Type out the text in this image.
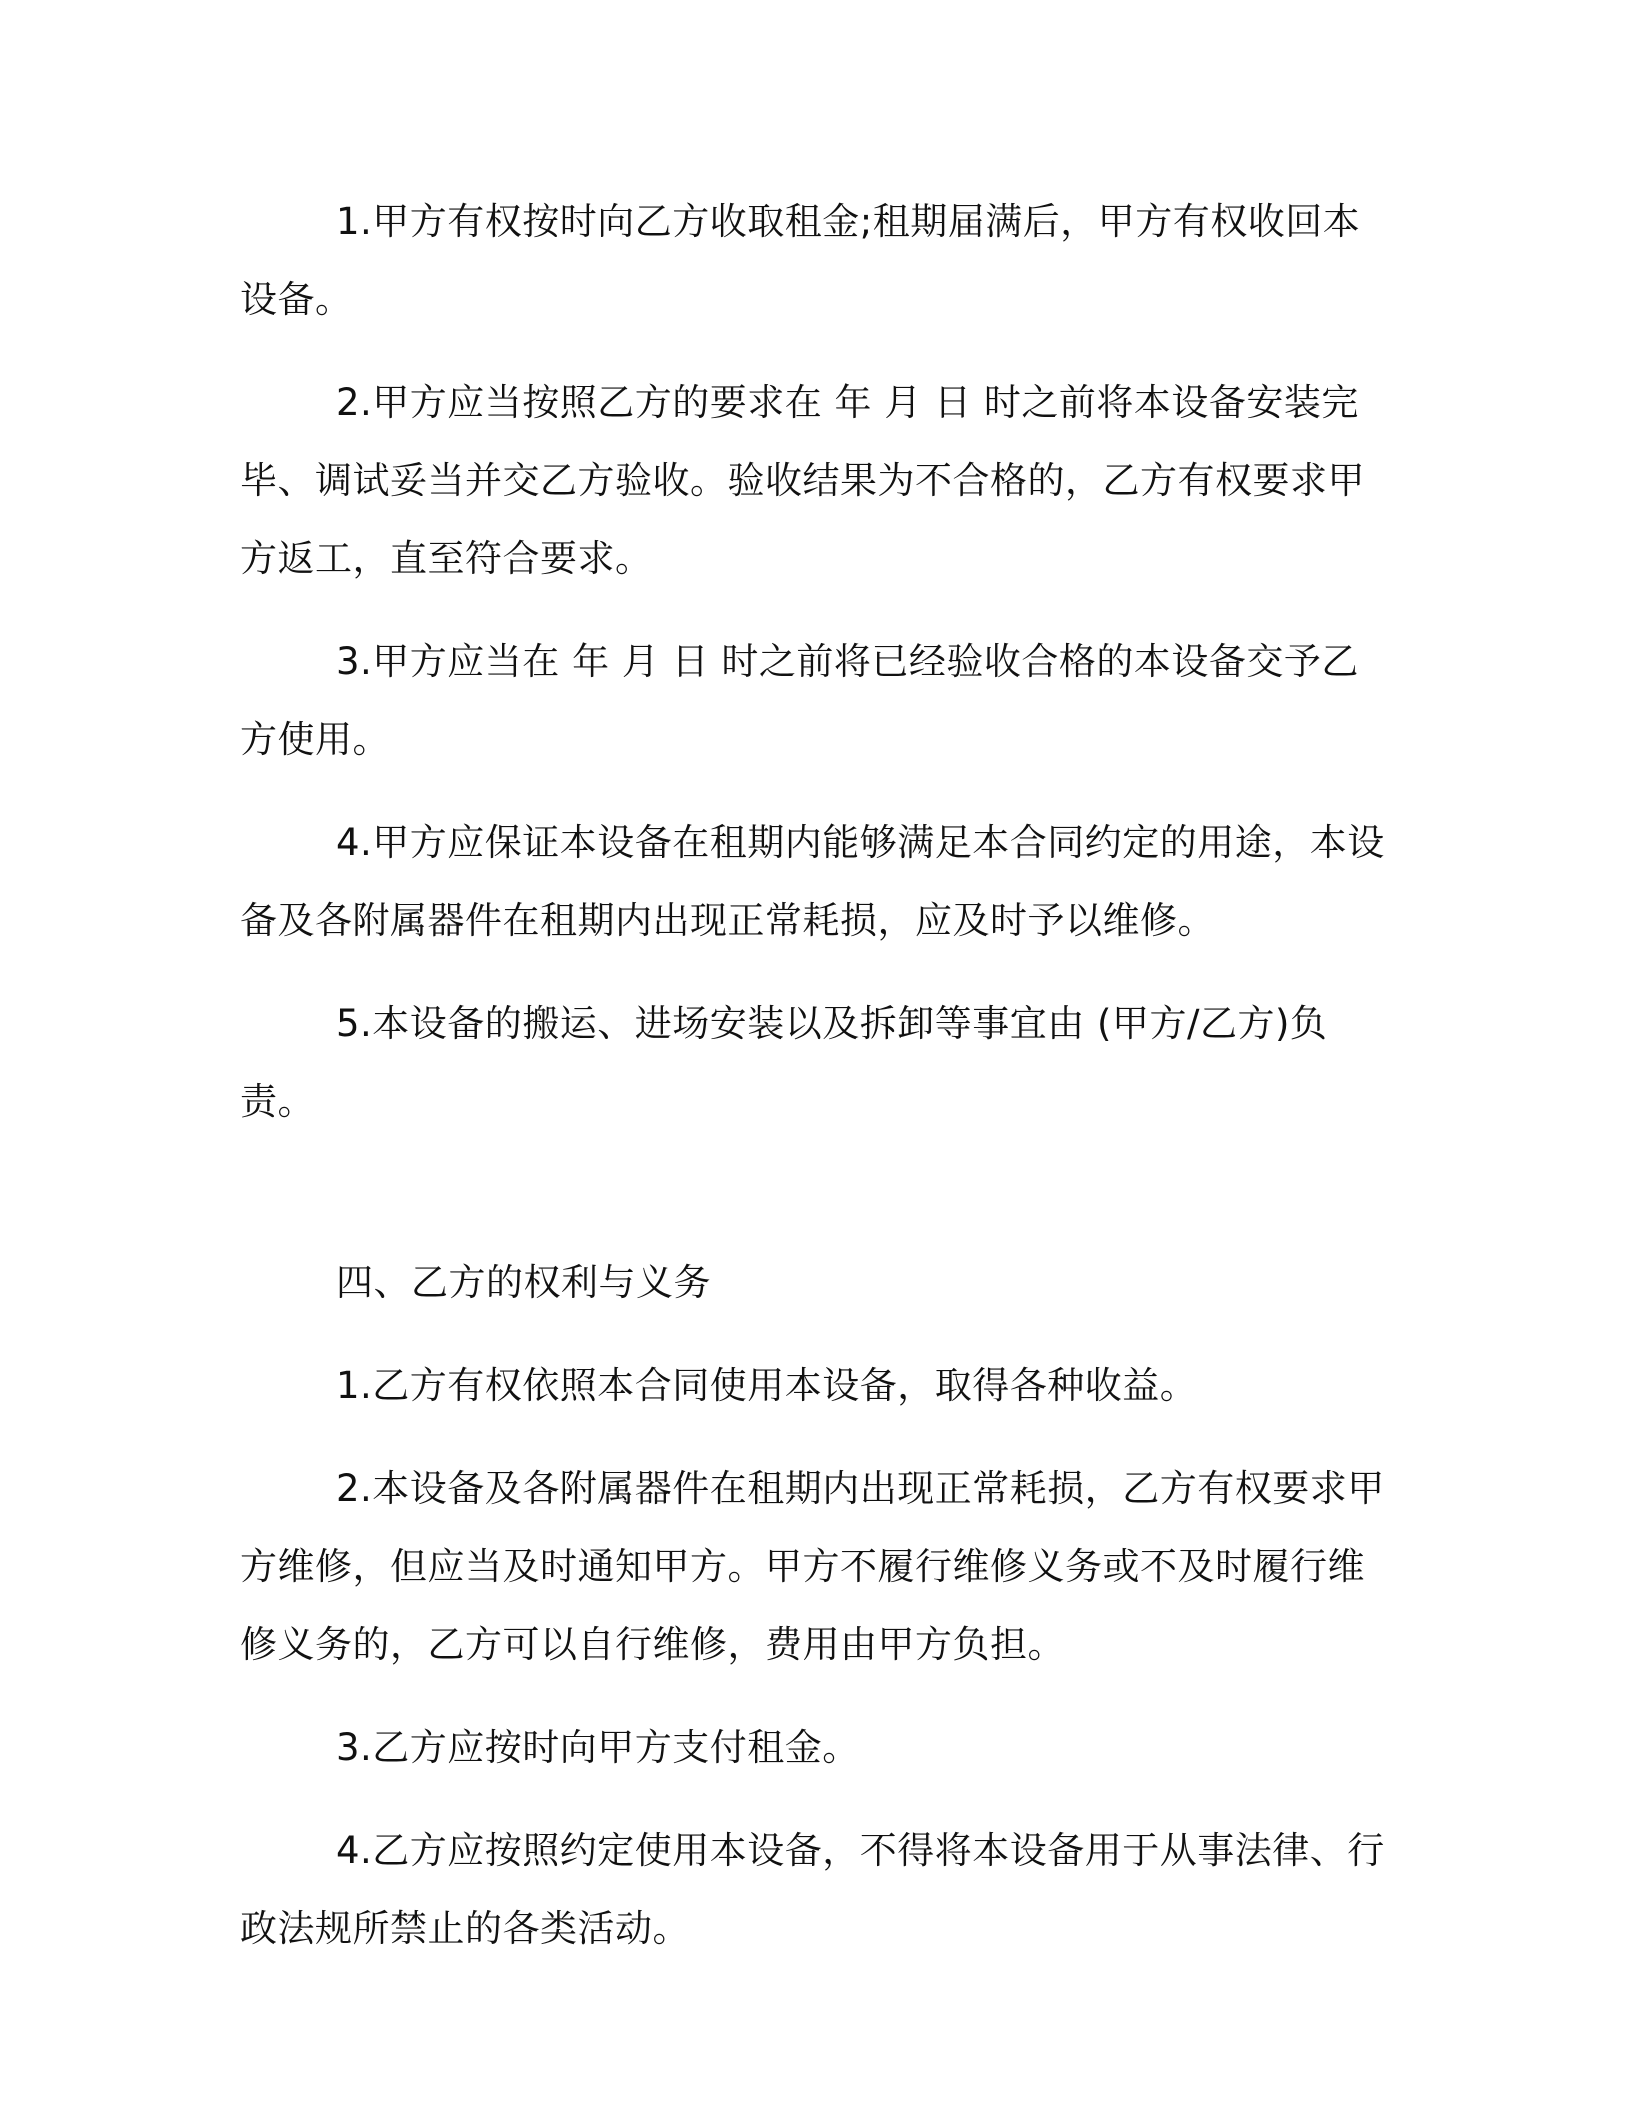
1.甲方有权按时向乙方收取租金;租期届满后，甲方有权收回本设备。

2.甲方应当按照乙方的要求在 年 月 日 时之前将本设备安装完毕、调试妥当并交乙方验收。验收结果为不合格的，乙方有权要求甲方返工，直至符合要求。

3.甲方应当在 年 月 日 时之前将已经验收合格的本设备交予乙方使用。

4.甲方应保证本设备在租期内能够满足本合同约定的用途，本设备及各附属器件在租期内出现正常耗损，应及时予以维修。

5.本设备的搬运、进场安装以及拆卸等事宜由 (甲方/乙方)负责。

四、乙方的权利与义务

1.乙方有权依照本合同使用本设备，取得各种收益。

2.本设备及各附属器件在租期内出现正常耗损，乙方有权要求甲方维修，但应当及时通知甲方。甲方不履行维修义务或不及时履行维修义务的，乙方可以自行维修，费用由甲方负担。

3.乙方应按时向甲方支付租金。

4.乙方应按照约定使用本设备，不得将本设备用于从事法律、行政法规所禁止的各类活动。
